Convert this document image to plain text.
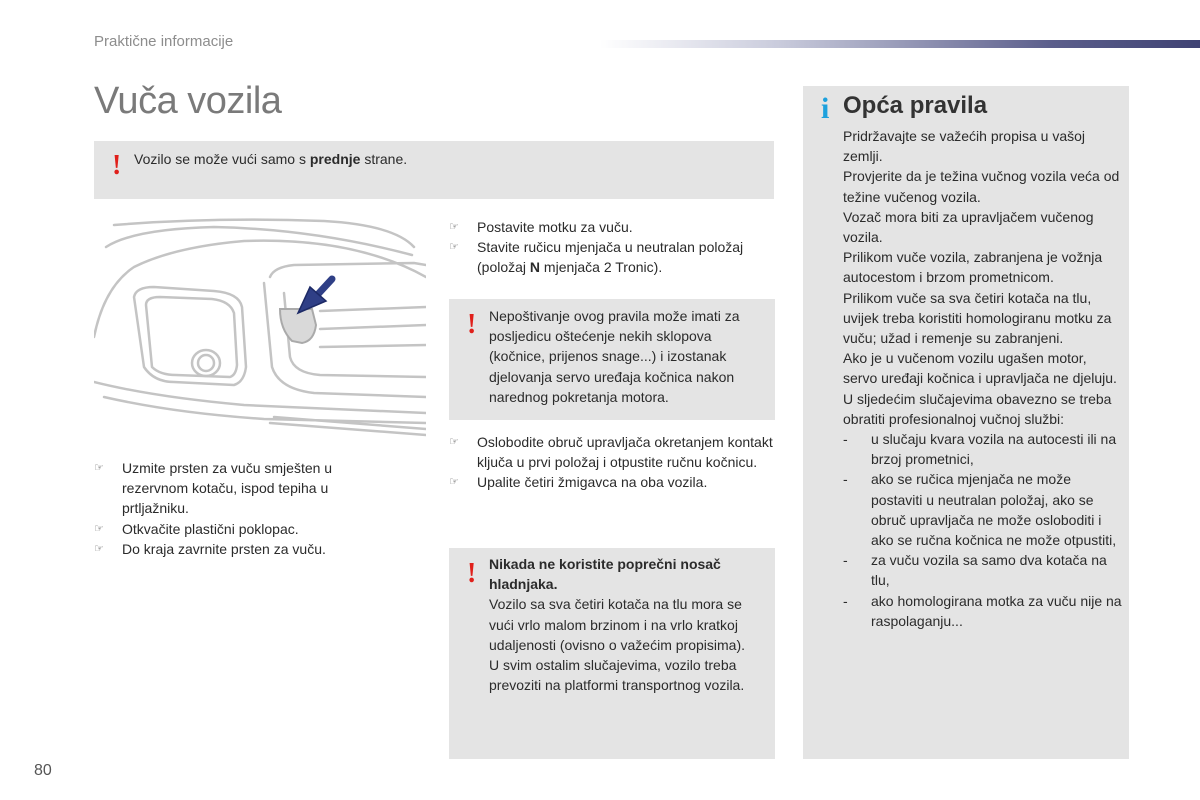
Praktične informacije
Vuča vozila
! Vozilo se može vući samo s prednje strane.
☞ Uzmite prsten za vuču smješten u rezervnom kotaču, ispod tepiha u prtljažniku.
☞ Otkvačite plastični poklopac.
☞ Do kraja zavrnite prsten za vuču.
☞ Postavite motku za vuču.
☞ Stavite ručicu mjenjača u neutralan položaj (položaj N mjenjača 2 Tronic).
! Nepoštivanje ovog pravila može imati za posljedicu oštećenje nekih sklopova (kočnice, prijenos snage...) i izostanak djelovanja servo uređaja kočnica nakon narednog pokretanja motora.
☞ Oslobodite obruč upravljača okretanjem kontakt ključa u prvi položaj i otpustite ručnu kočnicu.
☞ Upalite četiri žmigavca na oba vozila.
! Nikada ne koristite poprečni nosač hladnjaka.
Vozilo sa sva četiri kotača na tlu mora se vući vrlo malom brzinom i na vrlo kratkoj udaljenosti (ovisno o važećim propisima).
U svim ostalim slučajevima, vozilo treba prevoziti na platformi transportnog vozila.
i Opća pravila
Pridržavajte se važećih propisa u vašoj zemlji.
Provjerite da je težina vučnog vozila veća od težine vučenog vozila.
Vozač mora biti za upravljačem vučenog vozila.
Prilikom vuče vozila, zabranjena je vožnja autocestom i brzom prometnicom.
Prilikom vuče sa sva četiri kotača na tlu, uvijek treba koristiti homologiranu motku za vuču; užad i remenje su zabranjeni.
Ako je u vučenom vozilu ugašen motor, servo uređaji kočnica i upravljača ne djeluju.
U sljedećim slučajevima obavezno se treba obratiti profesionalnoj vučnoj službi:
- u slučaju kvara vozila na autocesti ili na brzoj prometnici,
- ako se ručica mjenjača ne može postaviti u neutralan položaj, ako se obruč upravljača ne može osloboditi i ako se ručna kočnica ne može otpustiti,
- za vuču vozila sa samo dva kotača na tlu,
- ako homologirana motka za vuču nije na raspolaganju...
80
